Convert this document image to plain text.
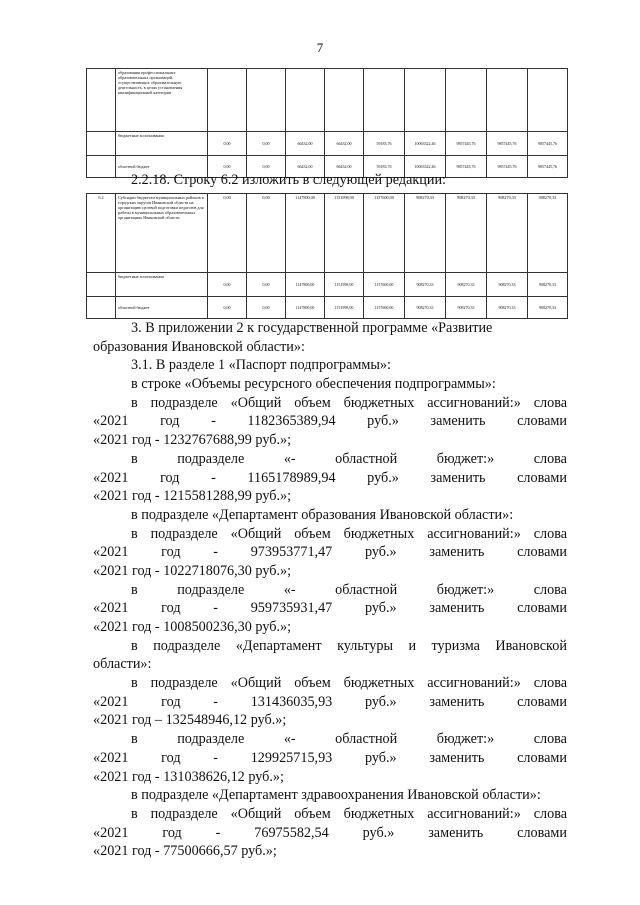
7
	образования профессиональных образовательных организаций, осуществляющих образовательную деятельность, в целях установления квалификационной категории									
	бюджетные ассигнования	0,00	0,00	66432,00	66432,00	59183,76	10063322,46	9857445,76	9857445,76	9857445,76
	областной бюджет	0,00	0,00	66432,00	66432,00	59183,76	10063322,46	9857445,76	9857445,76	9857445,76
2.2.18. Строку 6.2 изложить в следующей редакции:
6.2	Субсидии бюджетам муниципальных районов и городских округов Ивановской области на организацию целевой подготовки педагогов для работы в муниципальных образовательных организациях Ивановской области	0,00	0,00	1147800,00	1151998,00	1157600,00	908270,33	908270,33	908270,33	908270,33
	бюджетные ассигнования	0,00	0,00	1147800,00	1151998,00	1157600,00	908270,33	908270,33	908270,33	908270,33
	областной бюджет	0,00	0,00	1147800,00	1151998,00	1157600,00	908270,33	908270,33	908270,33	908270,33
3. В приложении 2 к государственной программе «Развитие
образования Ивановской области»:
3.1. В разделе 1 «Паспорт подпрограммы»:
в строке «Объемы ресурсного обеспечения подпрограммы»:
в подразделе «Общий объем бюджетных ассигнований:» слова
«2021 год - 1182365389,94 руб.» заменить словами
«2021 год - 1232767688,99 руб.»;
в	подразделе	«-	областной	бюджет:»	слова
«2021 год - 1165178989,94 руб.» заменить словами
«2021 год - 1215581288,99 руб.»;
в подразделе «Департамент образования Ивановской области»:
в подразделе «Общий объем бюджетных ассигнований:» слова
«2021 год - 973953771,47 руб.» заменить словами
«2021 год - 1022718076,30 руб.»;
в	подразделе	«-	областной	бюджет:»	слова
«2021 год - 959735931,47 руб.» заменить словами
«2021 год - 1008500236,30 руб.»;
в подразделе «Департамент культуры и туризма Ивановской
области»:
в подразделе «Общий объем бюджетных ассигнований:» слова
«2021 год - 131436035,93 руб.» заменить словами
«2021 год – 132548946,12 руб.»;
в	подразделе	«-	областной	бюджет:»	слова
«2021 год - 129925715,93 руб.» заменить словами
«2021 год - 131038626,12 руб.»;
в подразделе «Департамент здравоохранения Ивановской области»:
в подразделе «Общий объем бюджетных ассигнований:» слова
«2021 год - 76975582,54 руб.» заменить словами
«2021 год - 77500666,57 руб.»;
